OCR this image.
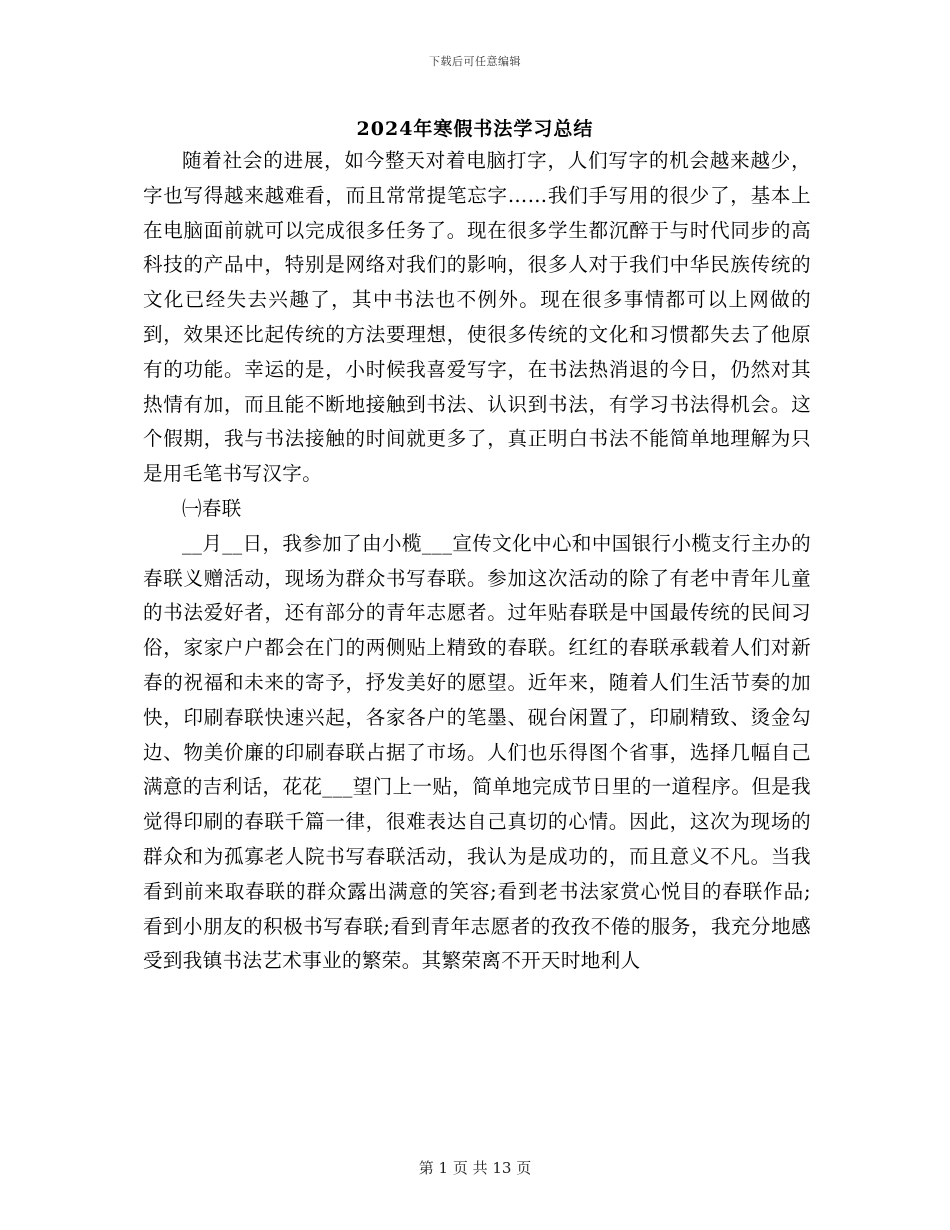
下载后可任意编辑
2024年寒假书法学习总结

随着社会的进展，如今整天对着电脑打字，人们写字的机会越来越少，字也写得越来越难看，而且常常提笔忘字……我们手写用的很少了，基本上在电脑面前就可以完成很多任务了。现在很多学生都沉醉于与时代同步的高科技的产品中，特别是网络对我们的影响，很多人对于我们中华民族传统的文化已经失去兴趣了，其中书法也不例外。现在很多事情都可以上网做的到，效果还比起传统的方法要理想，使很多传统的文化和习惯都失去了他原有的功能。幸运的是，小时候我喜爱写字，在书法热消退的今日，仍然对其热情有加，而且能不断地接触到书法、认识到书法，有学习书法得机会。这个假期，我与书法接触的时间就更多了，真正明白书法不能简单地理解为只是用毛笔书写汉字。

㈠春联

__月__日，我参加了由小榄___宣传文化中心和中国银行小榄支行主办的春联义赠活动，现场为群众书写春联。参加这次活动的除了有老中青年儿童的书法爱好者，还有部分的青年志愿者。过年贴春联是中国最传统的民间习俗，家家户户都会在门的两侧贴上精致的春联。红红的春联承载着人们对新春的祝福和未来的寄予，抒发美好的愿望。近年来，随着人们生活节奏的加快，印刷春联快速兴起，各家各户的笔墨、砚台闲置了，印刷精致、烫金勾边、物美价廉的印刷春联占据了市场。人们也乐得图个省事，选择几幅自己满意的吉利话，花花___望门上一贴，简单地完成节日里的一道程序。但是我觉得印刷的春联千篇一律，很难表达自己真切的心情。因此，这次为现场的群众和为孤寡老人院书写春联活动，我认为是成功的，而且意义不凡。当我看到前来取春联的群众露出满意的笑容;看到老书法家赏心悦目的春联作品;看到小朋友的积极书写春联;看到青年志愿者的孜孜不倦的服务，我充分地感受到我镇书法艺术事业的繁荣。其繁荣离不开天时地利人

第 1 页 共 13 页
